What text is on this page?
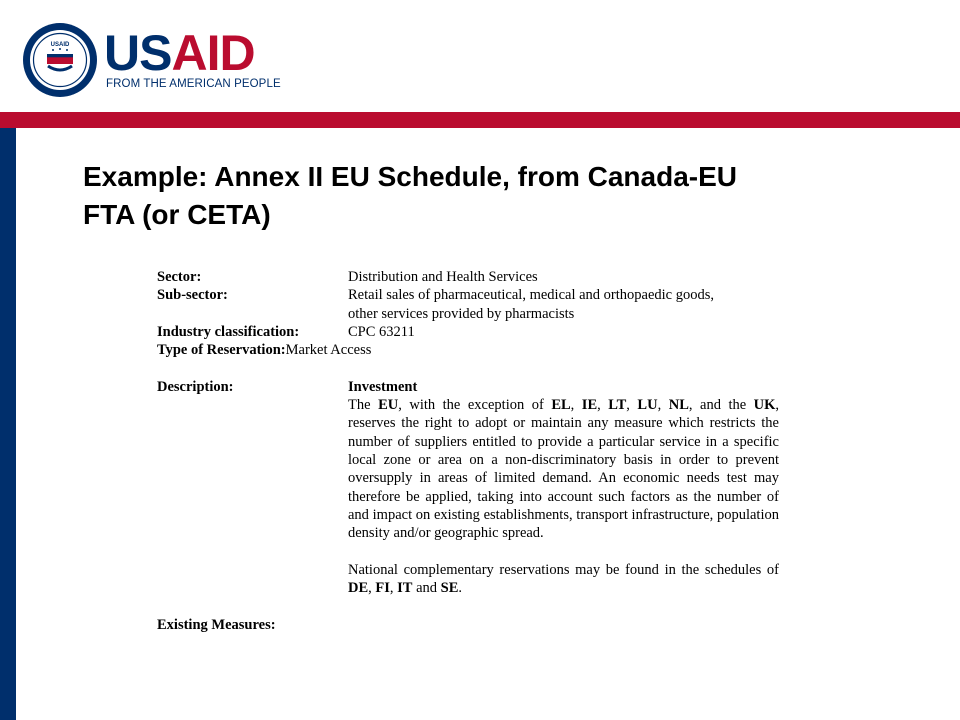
USAID USAID
FROM THE AMERICAN PEOPLE
Example: Annex II EU Schedule, from Canada-EU
FTA (or CETA)
Sector:	Distribution and Health Services
Sub-sector:	Retail sales of pharmaceutical, medical and orthopaedic goods,
other services provided by pharmacists
Industry classification:	CPC 63211
Type of Reservation:Market Access
Description:	Investment
The EU, with the exception of EL, IE, LT, LU, NL, and the UK, reserves the right to adopt or maintain any measure which restricts the number of suppliers entitled to provide a particular service in a specific local zone or area on a non-discriminatory basis in order to prevent oversupply in areas of limited demand. An economic needs test may therefore be applied, taking into account such factors as the number of and impact on existing establishments, transport infrastructure, population density and/or geographic spread.
National complementary reservations may be found in the schedules of DE, FI, IT and SE.
Existing Measures:
